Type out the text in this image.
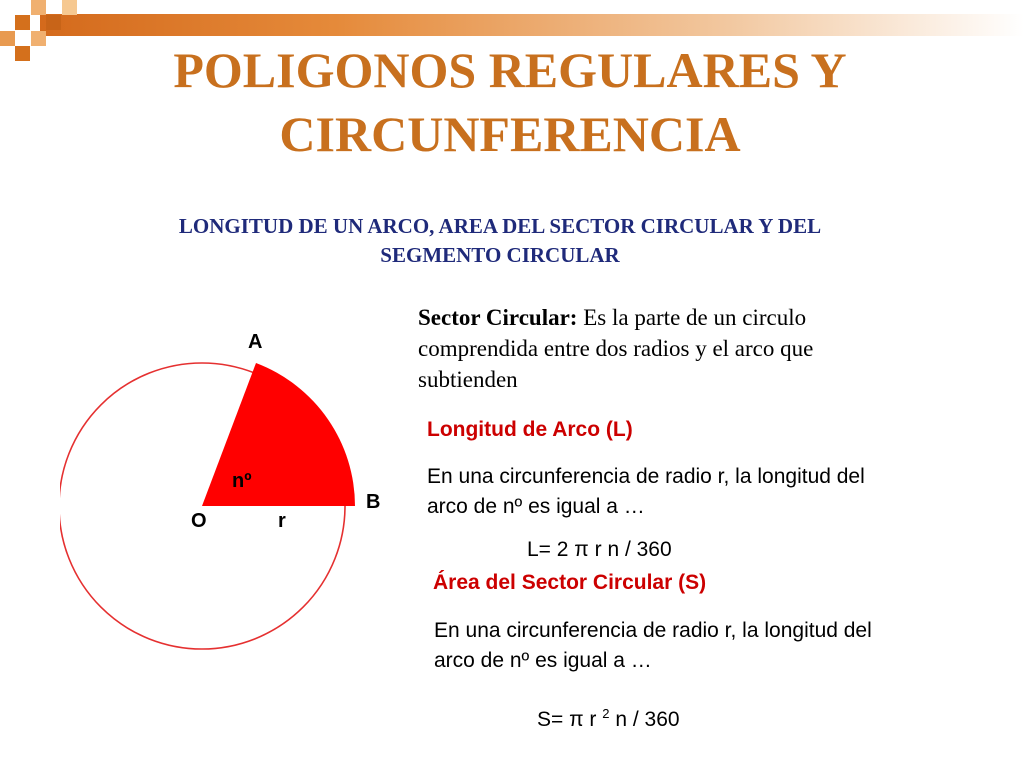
POLIGONOS REGULARES Y CIRCUNFERENCIA
LONGITUD DE UN ARCO, AREA DEL SECTOR CIRCULAR Y DEL
SEGMENTO CIRCULAR
A
B
O	r
nº
Sector Circular: Es la parte de un circulo comprendida entre dos radios y el arco que subtienden
Longitud de Arco (L)
En una circunferencia de radio r, la longitud del arco de nº es igual a …
L= 2 π r n / 360
Área del Sector Circular (S)
En una circunferencia de radio r, la longitud del arco de nº es igual a …
S= π r $^2$ n / 360
